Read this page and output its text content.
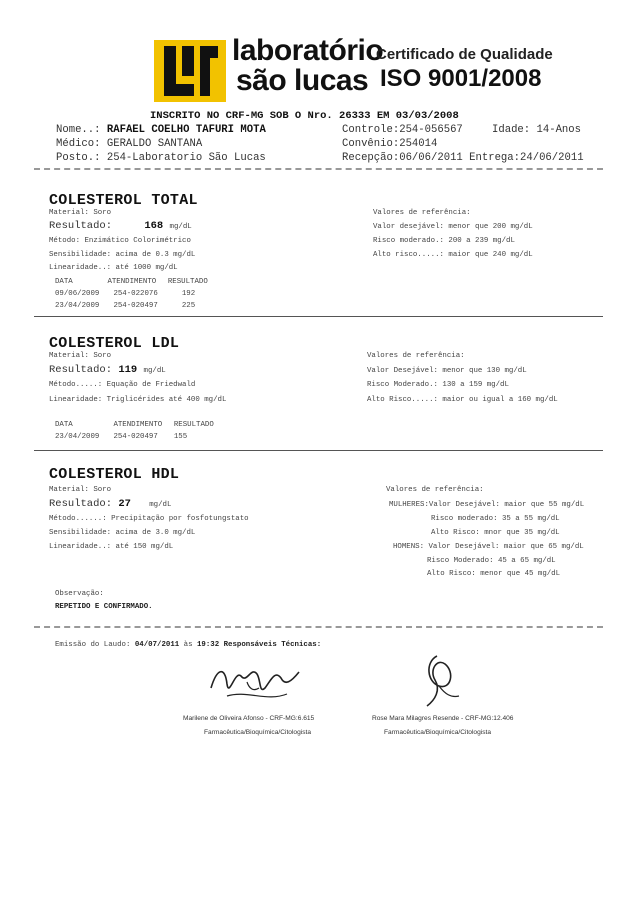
laboratório
são lucas
Certificado de Qualidade
ISO 9001/2008
INSCRITO NO CRF-MG SOB O Nro. 26333 EM 03/03/2008
Nome..: RAFAEL COELHO TAFURI MOTA
Médico: GERALDO SANTANA
Posto.: 254-Laboratorio São Lucas
Controle:254-056567	Idade: 14-Anos
Convênio:254014
Recepção:06/06/2011 Entrega:24/06/2011
COLESTEROL TOTAL
Material: Soro
Resultado:	168 mg/dL
Método: Enzimático Colorimétrico
Sensibilidade: acima de 0.3 mg/dL
Linearidade..: até 1000 mg/dL
Valores de referência:
Valor desejável: menor que 200 mg/dL
Risco moderado.: 200 a 239 mg/dL
Alto risco.....: maior que 240 mg/dL
DATA	ATENDIMENTO RESULTADO
09/06/2009 254-022076	192
23/04/2009 254-020497	225
COLESTEROL LDL
Material: Soro
Resultado: 119 mg/dL
Método.....: Equação de Friedwald
Linearidade: Triglicérides até 400 mg/dL
Valores de referência:
Valor Desejável: menor que 130 mg/dL
Risco Moderado.: 130 a 159 mg/dL
Alto Risco.....: maior ou igual a 160 mg/dL
DATA	ATENDIMENTO RESULTADO
23/04/2009 254-020497 155
COLESTEROL HDL
Material: Soro
Resultado: 27 mg/dL
Método......: Precipitação por fosfotungstato
Sensibilidade: acima de 3.0 mg/dL
Linearidade..: até 150 mg/dL
Valores de referência:
MULHERES:Valor Desejável: maior que 55 mg/dL
Risco moderado: 35 a 55 mg/dL
Alto Risco: mnor que 35 mg/dL
HOMENS: Valor Desejável: maior que 65 mg/dL
Risco Moderado: 45 a 65 mg/dL
Alto Risco: menor que 45 mg/dL
Observação:
REPETIDO E CONFIRMADO.
Emissão do Laudo: 04/07/2011 às 19:32 Responsáveis Técnicas:
Marilene de Oliveira Afonso - CRF-MG:6.615
Farmacêutica/Bioquímica/Citologista
Rose Mara Milagres Resende - CRF-MG:12.406
Farmacêutica/Bioquímica/Citologista
